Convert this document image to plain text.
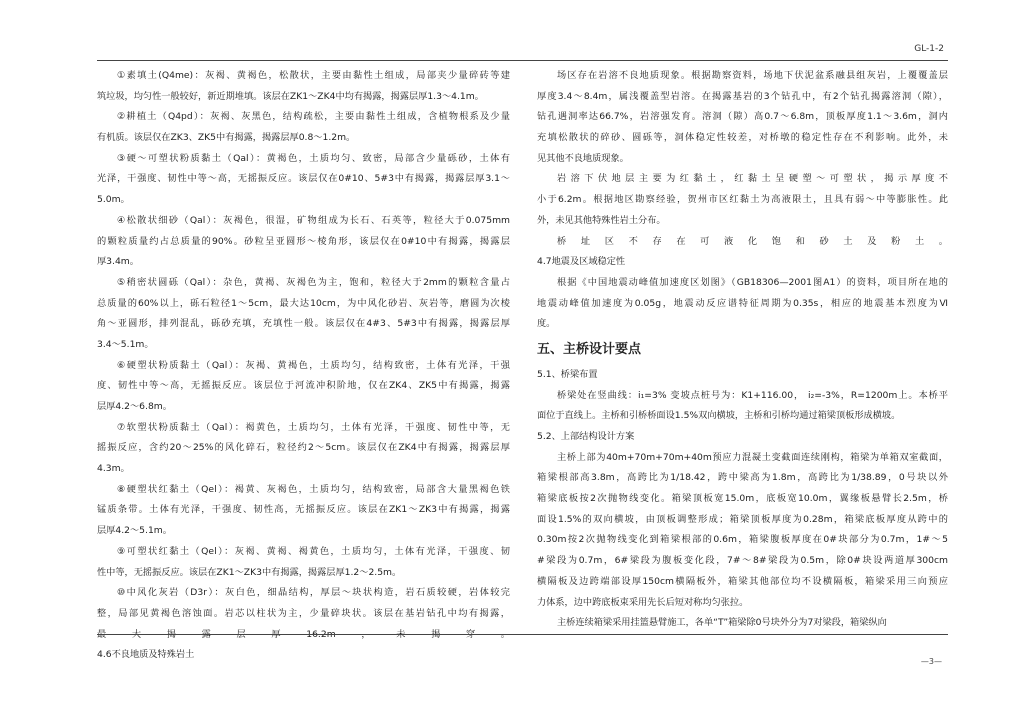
GL-1-2
①素填土(Q4me)：灰褐、黄褐色，松散状，主要由黏性土组成，局部夹少量碎砖等建
筑垃圾，均匀性一般较好，新近期堆填。该层在ZK1～ZK4中均有揭露，揭露层厚1.3～4.1m。
②耕植土（Q4pd）：灰褐、灰黑色，结构疏松，主要由黏性土组成，含植物根系及少量
有机质。该层仅在ZK3、ZK5中有揭露，揭露层厚0.8～1.2m。
③硬～可塑状粉质黏土（Qal）：黄褐色，土质均匀、致密，局部含少量砾砂，土体有
光泽，干强度、韧性中等～高，无摇振反应。该层仅在0#10、5#3中有揭露，揭露层厚3.1～
5.0m。
④松散状细砂（Qal）：灰褐色，很湿，矿物组成为长石、石英等，粒径大于0.075mm
的颗粒质量约占总质量的90%。砂粒呈亚圆形～棱角形，该层仅在0#10中有揭露，揭露层
厚3.4m。
⑤稍密状圆砾（Qal）：杂色，黄褐、灰褐色为主，饱和，粒径大于2mm的颗粒含量占
总质量的60%以上，砾石粒径1～5cm，最大达10cm，为中风化砂岩、灰岩等，磨圆为次棱
角～亚圆形，排列混乱，砾砂充填，充填性一般。该层仅在4#3、5#3中有揭露，揭露层厚
3.4～5.1m。
⑥硬塑状粉质黏土（Qal）：灰褐、黄褐色，土质均匀，结构致密，土体有光泽，干强
度、韧性中等～高，无摇振反应。该层位于河流冲积阶地，仅在ZK4、ZK5中有揭露，揭露
层厚4.2～6.8m。
⑦软塑状粉质黏土（Qal）：褐黄色，土质均匀，土体有光泽，干强度、韧性中等，无
摇振反应，含约20～25%的风化碎石，粒径约2～5cm。该层仅在ZK4中有揭露，揭露层厚
4.3m。
⑧硬塑状红黏土（Qel）：褐黄、灰褐色，土质均匀，结构致密，局部含大量黑褐色铁
锰质条带。土体有光泽，干强度、韧性高，无摇振反应。该层在ZK1～ZK3中有揭露，揭露
层厚4.2～5.1m。
⑨可塑状红黏土（Qel）：灰褐、黄褐、褐黄色，土质均匀，土体有光泽，干强度、韧
性中等，无摇振反应。该层在ZK1～ZK3中有揭露，揭露层厚1.2～2.5m。
⑩中风化灰岩（D3r）：灰白色，细晶结构，厚层～块状构造，岩石质较硬，岩体较完
整，局部见黄褐色溶蚀面。岩芯以柱状为主，少量碎块状。该层在基岩钻孔中均有揭露，
最大揭露层厚16.2m，未揭穿。
4.6不良地质及特殊岩土
场区存在岩溶不良地质现象。根据勘察资料，场地下伏泥盆系融县组灰岩，上覆覆盖层
厚度3.4～8.4m，属浅覆盖型岩溶。在揭露基岩的3个钻孔中，有2个钻孔揭露溶洞（隙），
钻孔遇洞率达66.7%，岩溶强发育。溶洞（隙）高0.7～6.8m，顶板厚度1.1～3.6m，洞内
充填松散状的碎砂、圆砾等，洞体稳定性较差，对桥墩的稳定性存在不利影响。此外，未
见其他不良地质现象。
岩溶下伏地层主要为红黏土，红黏土呈硬塑～可塑状，揭示厚度不
小于6.2m。根据地区勘察经验，贺州市区红黏土为高液限土，且具有弱～中等膨胀性。此
外，未见其他特殊性岩土分布。
桥址区不存在可液化饱和砂土及粉土。
4.7地震及区域稳定性
根据《中国地震动峰值加速度区划图》（GB18306—2001图A1）的资料，项目所在地的
地震动峰值加速度为0.05g，地震动反应谱特征周期为0.35s，相应的地震基本烈度为Ⅵ
度。
五、主桥设计要点
5.1、桥梁布置
桥梁处在竖曲线：i₁=3% 变坡点桩号为：K1+116.00， i₂=-3%，R=1200m上。本桥平
面位于直线上。主桥和引桥桥面设1.5%双向横坡，主桥和引桥均通过箱梁顶板形成横坡。
5.2、上部结构设计方案
主桥上部为40m+70m+70m+40m预应力混凝土变截面连续刚构，箱梁为单箱双室截面，
箱梁根部高3.8m，高跨比为1/18.42，跨中梁高为1.8m，高跨比为1/38.89，0号块以外
箱梁底板按2次抛物线变化。箱梁顶板宽15.0m，底板宽10.0m，翼缘板悬臂长2.5m，桥
面设1.5%的双向横坡，由顶板调整形成；箱梁顶板厚度为0.28m，箱梁底板厚度从跨中的
0.30m按2次抛物线变化到箱梁根部的0.6m，箱梁腹板厚度在0#块部分为0.7m，1#～5
#梁段为0.7m，6#梁段为腹板变化段，7#～8#梁段为0.5m，除0#块设两道厚300cm
横隔板及边跨端部设厚150cm横隔板外，箱梁其他部位均不设横隔板，箱梁采用三向预应
力体系，边中跨底板束采用先长后短对称均匀张拉。
主桥连续箱梁采用挂篮悬臂施工，各单“T”箱梁除0号块外分为7对梁段，箱梁纵向
—3—
